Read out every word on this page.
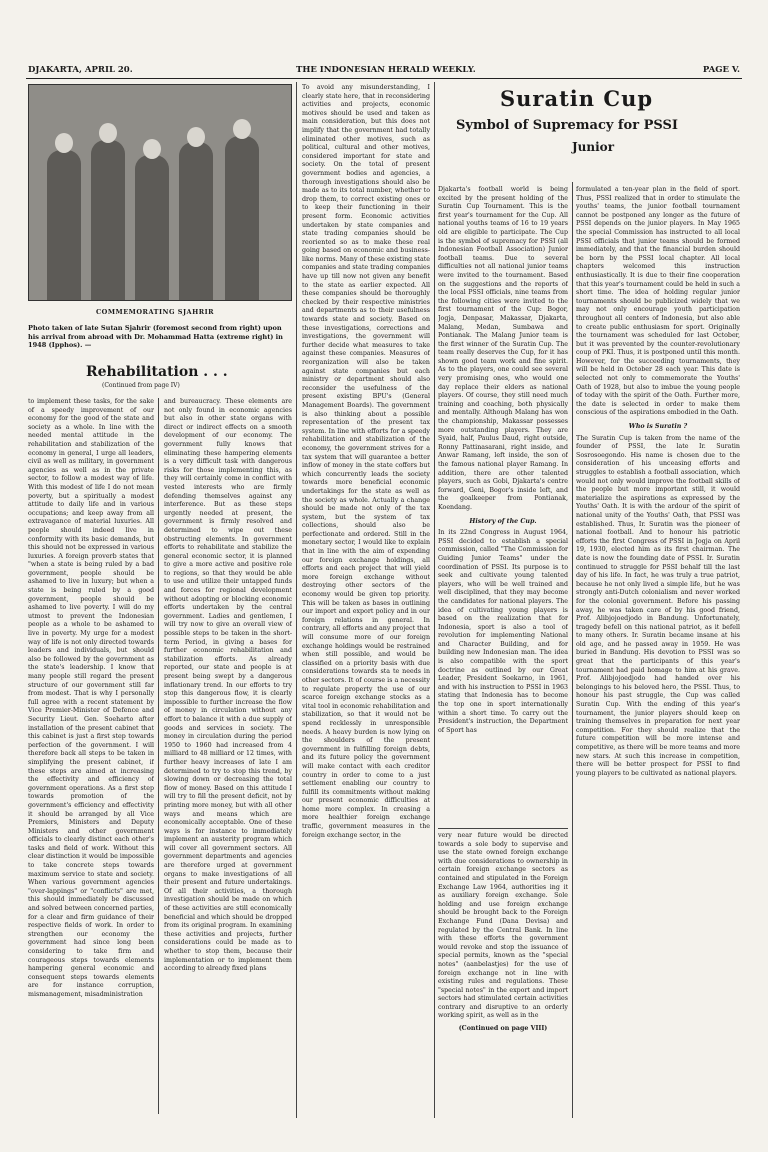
DJAKARTA, APRIL 20.	THE INDONESIAN HERALD WEEKLY.	PAGE V.
COMMEMORATING SJAHRIR
Photo taken of late Sutan Sjahrir (foremost second from right) upon his arrival from abroad with Dr. Mohammad Hatta (extreme right) in 1948 (Ipphos). —
Rehabilitation . . .
(Continued from page IV)
to implement these tasks, for the sake of a speedy improvement of our economy for the good of the state and society as a whole. In line with the needed mental attitude in the rehabilitation and stabilization of the economy in general, I urge all leaders, civil as well as military, in government agencies as well as in the private sector, to follow a modest way of life. With this modest of life I do not mean poverty, but a spiritually a modest attitude to daily life and in various occupations; and keep away from all extravagance of material luxuries. All people should indeed live in conformity with its basic demands, but this should not be expressed in various luxuries. A foreign proverb states that "when a state is being ruled by a bad government, people should be ashamed to live in luxury; but when a state is being ruled by a good government, people should be ashamed to live poverty. I will do my utmost to prevent the Indonesian people as a whole to be ashamed to live in poverty. My urge for a modest way of life is not only directed towards leaders and individuals, but should also be followed by the government as the state's leadership. I know that many people still regard the present structure of our government still far from modest. That is why I personally full agree with a recent statement by Vice Premier-Minister of Defence and Security Lieut. Gen. Soeharto after installation of the present cabinet that this cabinet is just a first step towards perfection of the government. I will therefore back all steps to be taken in simplifying the present cabinet, if these steps are aimed at increasing the effectivity and efficiency of government operations. As a first step towards promotion of the government's efficiency and effectivity it should be arranged by all Vice Premiers, Ministers and Deputy Ministers and other government officials to clearly distinct each other's tasks and field of work. Without this clear distinction it would be impossible to take concrete steps towards maximum service to state and society. When various government agencies "over-lappings" or "conflicts" are met, this should immediately be discussed and solved between concerned parties, for a clear and firm guidance of their respective fields of work. In order to strengthen our economy the government had since long been considering to take firm and courageous steps towards elements hampering general economic and consequent steps towards elements are for instance corruption, mismanagement, misadministration
and bureaucracy. These elements are not only found in economic agencies but also in other state organs with direct or indirect effects on a smooth development of our economy. The government fully knows that eliminating these hampering elements is a very difficult task with dangerous risks for those implementing this, as they will certainly come in conflict with vested interests who are firmly defending themselves against any interference. But as these steps urgently needed at present, the government is firmly resolved and determined to wipe out these obstructing elements. In government efforts to rehabilitate and stabilize the general economic sector, it is planned to give a more active and positive role to regions, so that they would be able to use and utilize their untapped funds and forces for regional development without adopting or blocking economic efforts undertaken by the central government. Ladies and gentlemen, I will try now to give an overall view of possible steps to be taken in the short-term Period, in giving a bases for further economic rehabilitation and stabilization efforts. As already reported, our state and people is at present being swept by a dangerous inflationary trend. In our efforts to try stop this dangerous flow, it is clearly impossible to further increase the flow of money in circulation without any effort to balance it with a due supply of goods and services in society. The money in circulation during the period 1950 to 1960 had increased from 4 milliard to 48 milliard or 12 times, with further heavy increases of late I am determined to try to stop this trend, by slowing down or decreasing the total flow of money. Based on this attitude I will try to fill the present deficit, not by printing more money, but with all other ways and means which are economically acceptable. One of these ways is for instance to immediately implement an austerity program which will cover all government sectors. All government departments and agencies are therefore urged at government organs to make investigations of all their present and future undertakings. Of all their activities, a thorough investigation should be made on which of these activities are still economically beneficial and which should be dropped from its original program. In examining these activities and projects, further considerations could be made as to whether to stop them, because their implementation or to implement them according to already fixed plans
To avoid any misunderstanding, I clearly state here, that in reconsidering activities and projects, economic motives should be used and taken as main consideration, but this does not implify that the government had totally eliminated other motives, such as political, cultural and other motives, considered important for state and society. On the total of present government bodies and agencies, a thorough investigations should also be made as to its total number, whether to drop them, to correct existing ones or to keep their functioning in their present form. Economic activities undertaken by state companies and state trading companies should be reoriented so as to make these real going based on economic and business-like norms. Many of these existing state companies and state trading companies have up till now not given any benefit to the state as earlier expected. All these companies should be thoroughly checked by their respective ministries and departments as to their usefulness towards state and society. Based on these investigations, corrections and investigations, the government will further decide what measures to take against these companies. Measures of reorganization will also be taken against state companies but each ministry or department should also reconsider the usefulness of the present existing BPU's (General Management Boards). The government is also thinking about a possible representation of the present tax system. In line with efforts for a speedy rehabilitation and stabilization of the economy, the government strives for a tax system that will guarantee a better inflow of money in the state coffers but which concurrently leads the society towards more beneficial economic undertakings for the state as well as the society as whole. Actually a change should be made not only of the tax system, but the system of tax collections, should also be perfectionate and ordered. Still in the monetary sector, I would like to explain that in line with the aim of expending our foreign exchange holdings, all efforts and each project that will yield more foreign exchange without destroying other sectors of the economy would be given top priority. This will be taken as bases in outlining our import and export policy and in our foreign relations in general. In contrary, all efforts and any project that will consume more of our foreign exchange holdings would be restrained when still possible, and would be classified on a priority basis with due considerations towards sta te needs in other sectors. It of course is a necessity to regulate property the use of our scarce foreign exchange stocks as a vital tool in economic rehabilitation and stabilization, so that it would not be spend recklessly in unresponsible needs. A heavy burden is now lying on the shoulders of the present government in fulfilling foreign debts, and its future policy the government will make contact with each creditor country in order to come to a just settlement enabling our country to fulfill its commitments without making our present economic difficulties at home more complex. In creasing a more healthier foreign exchange traffic, government measures in the foreign exchange sector, in the
Suratin Cup
Symbol of Supremacy for PSSI
Junior
Djakarta's football world is being excited by the present holding of the Suratin Cup Tournament. This is the first year's tournament for the Cup. All national youths teams of 16 to 19 years old are eligible to participate. The Cup is the symbol of supremacy for PSSI (all Indonesian Football Association) Junior football teams. Due to several difficulties not all national junior teams were invited to the tournament. Based on the suggestions and the reports of the local PSSI officials, nine teams from the following cities were invited to the first tournament of the Cup: Bogor, Jogja, Denpasar, Makassar, Djakarta, Malang, Medan, Sumbawa and Pontianak. The Malang Junior team is the first winner of the Suratin Cup. The team really deserves the Cup, for it has shown good team work and fine spirit. As to the players, one could see several very promising ones, who would one day replace their elders as national players. Of course, they still need much training and coaching, both physically and mentally. Although Malang has won the championship, Makassar possesses more outstanding players. They are Syaid, half, Paulus Daud, right outside, Ronny Pattinasarani, right inside, and Anwar Ramang, left inside, the son of the famous national player Ramang. In addition, there are other talented players, such as Gobi, Djakarta's centre forward, Geni, Bogor's inside left, and the goalkeeper from Pontianak, Koendang.
History of the Cup.
In its 22nd Congress in August 1964, PSSI decided to establish a special commission, called "The Commission for Guiding Junior Teams" under the coordination of PSSI. Its purpose is to seek and cultivate young talented players, who will be well trained and well disciplined, that they may become the candidates for national players. The idea of cultivating young players is based on the realization that for Indonesia, sport is also a tool of revolution for implementing National and Character Building, and for building new Indonesian man. The idea is also compatible with the sport doctrine as outlined by our Great Leader, President Soekarno, in 1961, and with his instruction to PSSI in 1963 stating that Indonesia has to become the top one in sport internationally within a short time. To carry out the President's instruction, the Department of Sport has
very near future would be directed towards a sole body to supervise and use the state owned foreign exchange with due considerations to ownership in certain foreign exchange sectors as contained and stipulated in the Foreign Exchange Law 1964, authorities ing it as auxiliary foreign exchange. Sole holding and use foreign exchange should be brought back to the Foreign Exchange Fund (Dana Devisa) and regulated by the Central Bank. In line with these efforts the government would revoke and stop the issuance of special permits, known as the "special notes" (aanbelastjes) for the use of foreign exchange not in line with existing rules and regulations. These "special notes" in the export and import sectors had stimulated certain activities contrary and disruptive to an orderly working spirit, as well as in the
(Continued on page VIII)
formulated a ten-year plan in the field of sport. Thus, PSSI realized that in order to stimulate the youths' teams, the junior football tournament cannot be postponed any longer as the future of PSSI depends on the junior players. In May 1965 the special Commission has instructed to all local PSSI officials that junior teams should be formed immediately, and that the financial burden should be born by the PSSI local chapter. All local chapters welcomed this instruction enthusiastically. It is due to their fine cooperation that this year's tournament could be held in such a short time. The idea of holding regular junior tournaments should be publicized widely that we may not only encourage youth participation throughout all centers of Indonesia, but also able to create public enthusiasm for sport. Originally the tournament was scheduled for last October, but it was prevented by the counter-revolutionary coup of PKI. Thus, it is postponed until this month. However, for the succeeding tournaments, they will be held in October 28 each year. This date is selected not only to commemorate the Youths' Oath of 1928, but also to imbue the young people of today with the spirit of the Oath. Further more, the date is selected in order to make them conscious of the aspirations embodied in the Oath.
Who is Suratin ?
The Suratin Cup is taken from the name of the founder of PSSI, the late Ir. Suratin Sosrosoegondo. His name is chosen due to the consideration of his unceasing efforts and struggles to establish a football association, which would not only would improve the football skills of the people but more important still, it would materialize the aspirations as expressed by the Youths' Oath. It is with the ardour of the spirit of national unity of the Youths' Oath, that PSSI was established. Thus, Ir. Suratin was the pioneer of national football. And to honour his patriotic efforts the first Congress of PSSI in Jogja on April 19, 1930, elected him as its first chairman. The date is now the founding date of PSSI. Ir. Suratin continued to struggle for PSSI behalf till the last day of his life. In fact, he was truly a true patriot, because he not only lived a simple life, but he was strongly anti-Dutch colonialism and never worked for the colonial government. Before his passing away, he was taken care of by his good friend, Prof. Alibjojoedjodo in Bandung. Unfortunately, tragedy befell on this national patriot, as it befell to many others. Ir. Suratin became insane at his old age, and he passed away in 1959. He was buried in Bandung. His devotion to PSSI was so great that the participants of this year's tournament had paid homage to him at his grave. Prof. Alibjojoedjodo had handed over his belongings to his beloved hero, the PSSI. Thus, to honour his past struggle, the Cup was called Suratin Cup. With the ending of this year's tournament, the junior players should keep on training themselves in preparation for next year competition. For they should realize that the future competition will be more intense and competitive, as there will be more teams and more new stars. At such this increase in competition, there will be better prospect for PSSI to find young players to be cultivated as national players.
